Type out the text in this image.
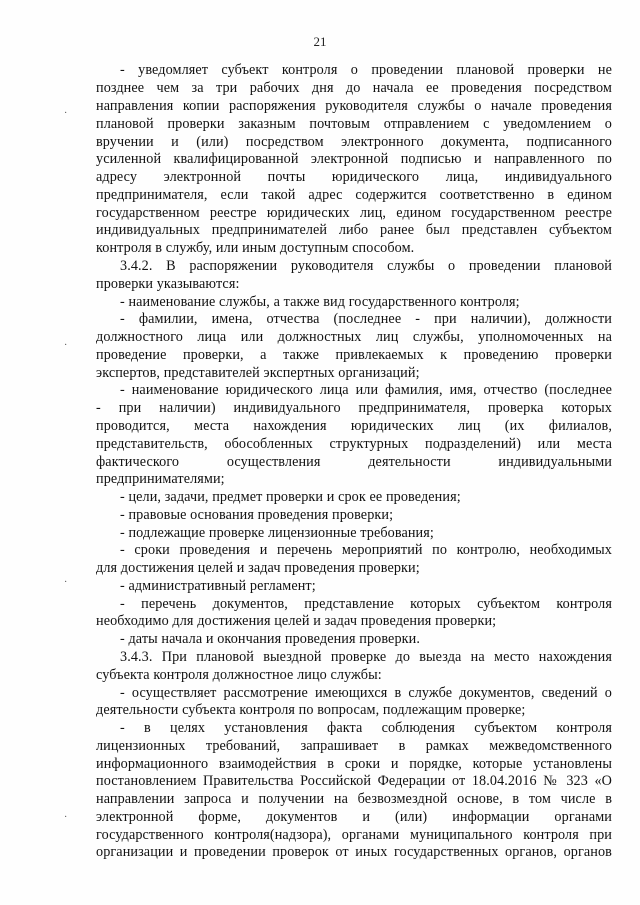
21
·
·
·
·
- уведомляет субъект контроля о проведении плановой проверки не
позднее чем за три рабочих дня до начала ее проведения посредством
направления копии распоряжения руководителя службы о начале проведения
плановой проверки заказным почтовым отправлением с уведомлением о
вручении и (или) посредством электронного документа, подписанного
усиленной квалифицированной электронной подписью и направленного по
адресу электронной почты юридического лица, индивидуального
предпринимателя, если такой адрес содержится соответственно в едином
государственном реестре юридических лиц, едином государственном реестре
индивидуальных предпринимателей либо ранее был представлен субъектом
контроля в службу, или иным доступным способом.
3.4.2. В распоряжении руководителя службы о проведении плановой
проверки указываются:
- наименование службы, а также вид государственного контроля;
- фамилии, имена, отчества (последнее - при наличии), должности
должностного лица или должностных лиц службы, уполномоченных на
проведение проверки, а также привлекаемых к проведению проверки
экспертов, представителей экспертных организаций;
- наименование юридического лица или фамилия, имя, отчество (последнее
- при наличии) индивидуального предпринимателя, проверка которых
проводится, места нахождения юридических лиц (их филиалов,
представительств, обособленных структурных подразделений) или места
фактического осуществления деятельности индивидуальными
предпринимателями;
- цели, задачи, предмет проверки и срок ее проведения;
- правовые основания проведения проверки;
- подлежащие проверке лицензионные требования;
- сроки проведения и перечень мероприятий по контролю, необходимых
для достижения целей и задач проведения проверки;
- административный регламент;
- перечень документов, представление которых субъектом контроля
необходимо для достижения целей и задач проведения проверки;
- даты начала и окончания проведения проверки.
3.4.3. При плановой выездной проверке до выезда на место нахождения
субъекта контроля должностное лицо службы:
- осуществляет рассмотрение имеющихся в службе документов, сведений о
деятельности субъекта контроля по вопросам, подлежащим проверке;
- в целях установления факта соблюдения субъектом контроля
лицензионных требований, запрашивает в рамках межведомственного
информационного взаимодействия в сроки и порядке, которые установлены
постановлением Правительства Российской Федерации от 18.04.2016 № 323 «О
направлении запроса и получении на безвозмездной основе, в том числе в
электронной форме, документов и (или) информации органами
государственного контроля(надзора), органами муниципального контроля при
организации и проведении проверок от иных государственных органов, органов
